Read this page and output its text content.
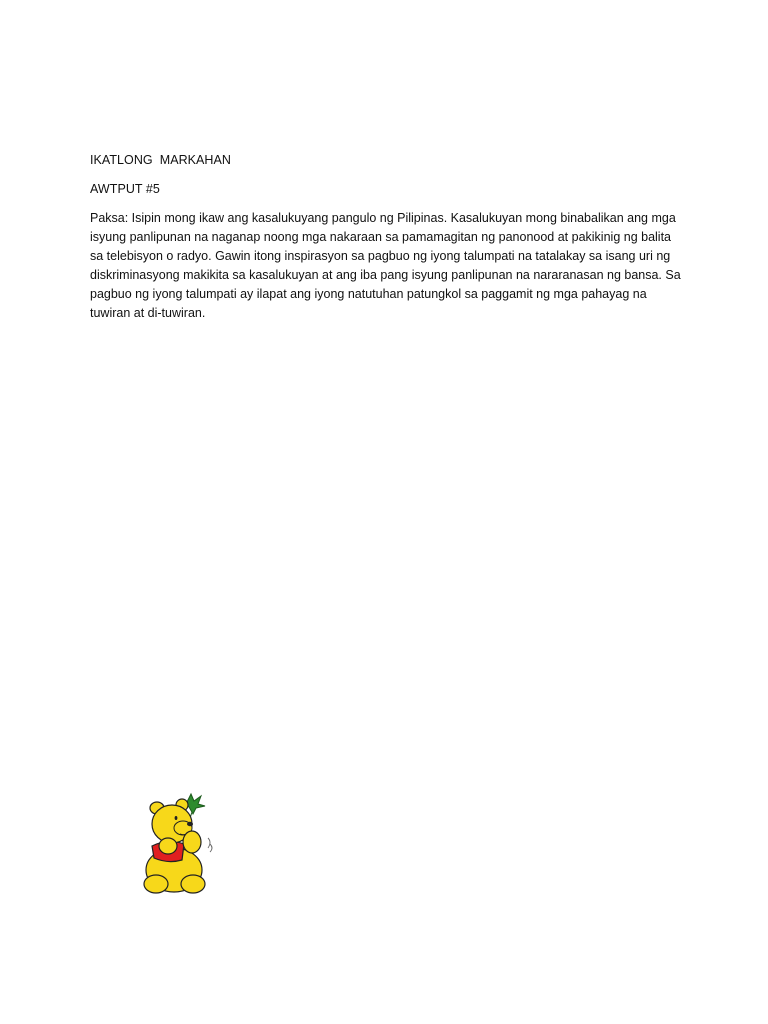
IKATLONG  MARKAHAN
AWTPUT #5
Paksa: Isipin mong ikaw ang kasalukuyang pangulo ng Pilipinas. Kasalukuyan mong binabalikan ang mga
isyung panlipunan na naganap noong mga nakaraan sa pamamagitan ng panonood at pakikinig ng balita
sa telebisyon o radyo. Gawin itong inspirasyon sa pagbuo ng iyong talumpati na tatalakay sa isang uri ng
diskriminasyong makikita sa kasalukuyan at ang iba pang isyung panlipunan na nararanasan ng bansa. Sa
pagbuo ng iyong talumpati ay ilapat ang iyong natutuhan patungkol sa paggamit ng mga pahayag na
tuwiran at di-tuwiran.
